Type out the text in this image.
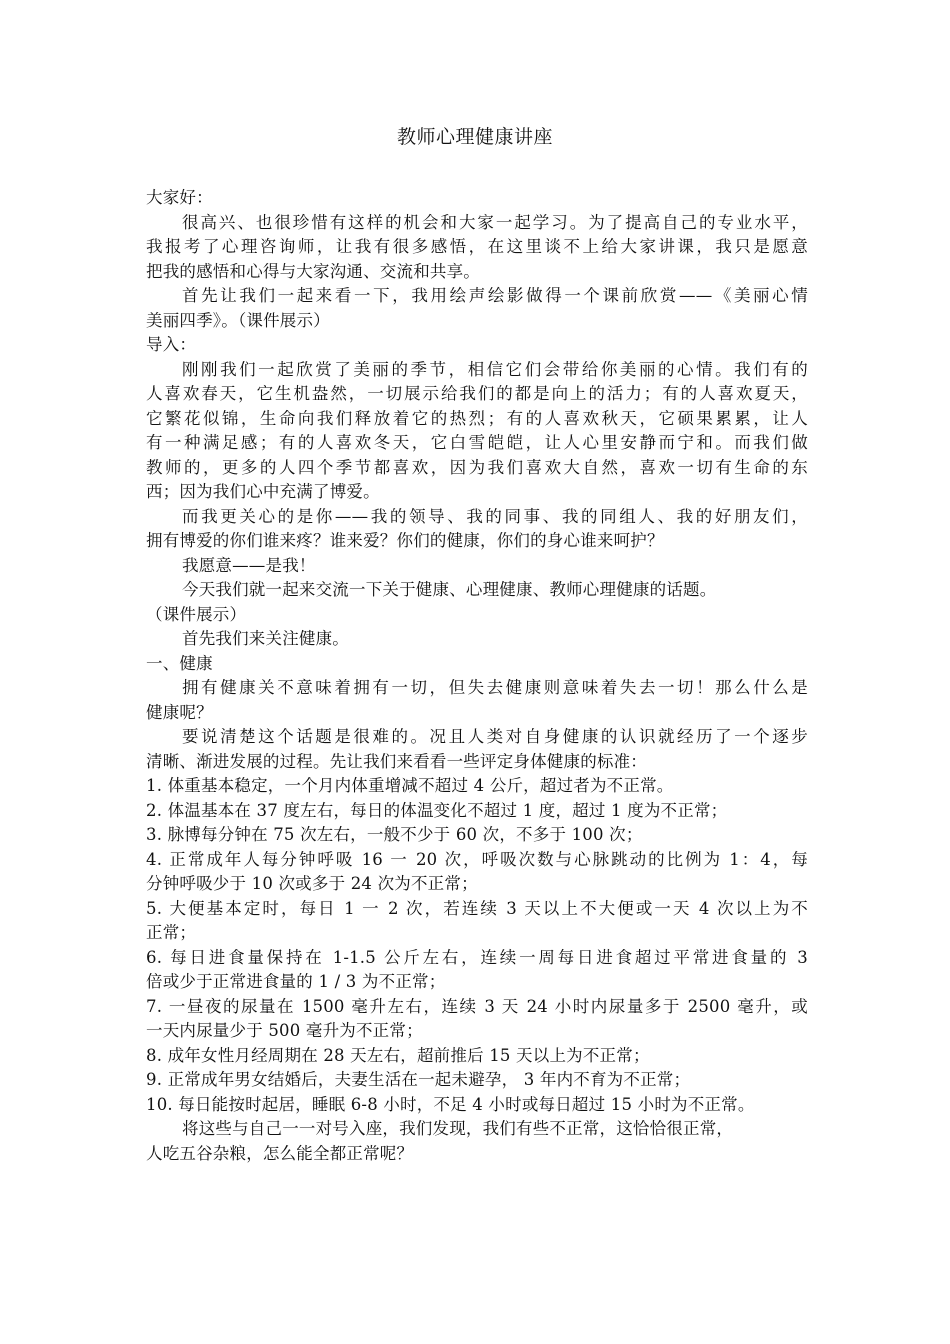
教师心理健康讲座
大家好：
很高兴、也很珍惜有这样的机会和大家一起学习。为了提高自己的专业水平，
我报考了心理咨询师，让我有很多感悟，在这里谈不上给大家讲课，我只是愿意
把我的感悟和心得与大家沟通、交流和共享。
首先让我们一起来看一下，我用绘声绘影做得一个课前欣赏——《美丽心情
美丽四季》。（课件展示）
导入：
刚刚我们一起欣赏了美丽的季节，相信它们会带给你美丽的心情。我们有的
人喜欢春天，它生机盎然，一切展示给我们的都是向上的活力；有的人喜欢夏天，
它繁花似锦，生命向我们释放着它的热烈；有的人喜欢秋天，它硕果累累，让人
有一种满足感；有的人喜欢冬天，它白雪皑皑，让人心里安静而宁和。而我们做
教师的，更多的人四个季节都喜欢，因为我们喜欢大自然，喜欢一切有生命的东
西；因为我们心中充满了博爱。
而我更关心的是你——我的领导、我的同事、我的同组人、我的好朋友们，
拥有博爱的你们谁来疼？谁来爱？你们的健康，你们的身心谁来呵护？
我愿意——是我！
今天我们就一起来交流一下关于健康、心理健康、教师心理健康的话题。
（课件展示）
首先我们来关注健康。
一、健康
拥有健康关不意味着拥有一切，但失去健康则意味着失去一切！那么什么是
健康呢？
要说清楚这个话题是很难的。况且人类对自身健康的认识就经历了一个逐步
清晰、渐进发展的过程。先让我们来看看一些评定身体健康的标准：
1. 体重基本稳定，一个月内体重增减不超过 4 公斤，超过者为不正常。
2. 体温基本在 37 度左右，每日的体温变化不超过 1 度，超过 1 度为不正常；
3. 脉博每分钟在 75 次左右，一般不少于 60 次，不多于 100 次；
4. 正常成年人每分钟呼吸 16 一 20 次，呼吸次数与心脉跳动的比例为 1：4，每
分钟呼吸少于 10 次或多于 24 次为不正常；
5. 大便基本定时，每日 1 一 2 次，若连续 3 天以上不大便或一天 4 次以上为不
正常；
6. 每日进食量保持在 1-1.5 公斤左右，连续一周每日进食超过平常进食量的 3
倍或少于正常进食量的 1 / 3 为不正常；
7. 一昼夜的尿量在 1500 毫升左右，连续 3 天 24 小时内尿量多于 2500 毫升，或
一天内尿量少于 500 毫升为不正常；
8. 成年女性月经周期在 28 天左右，超前推后 15 天以上为不正常；
9. 正常成年男女结婚后，夫妻生活在一起未避孕， 3 年内不育为不正常；
10. 每日能按时起居，睡眠 6-8 小时，不足 4 小时或每日超过 15 小时为不正常。
将这些与自己一一对号入座，我们发现，我们有些不正常，这恰恰很正常，
人吃五谷杂粮，怎么能全都正常呢？
